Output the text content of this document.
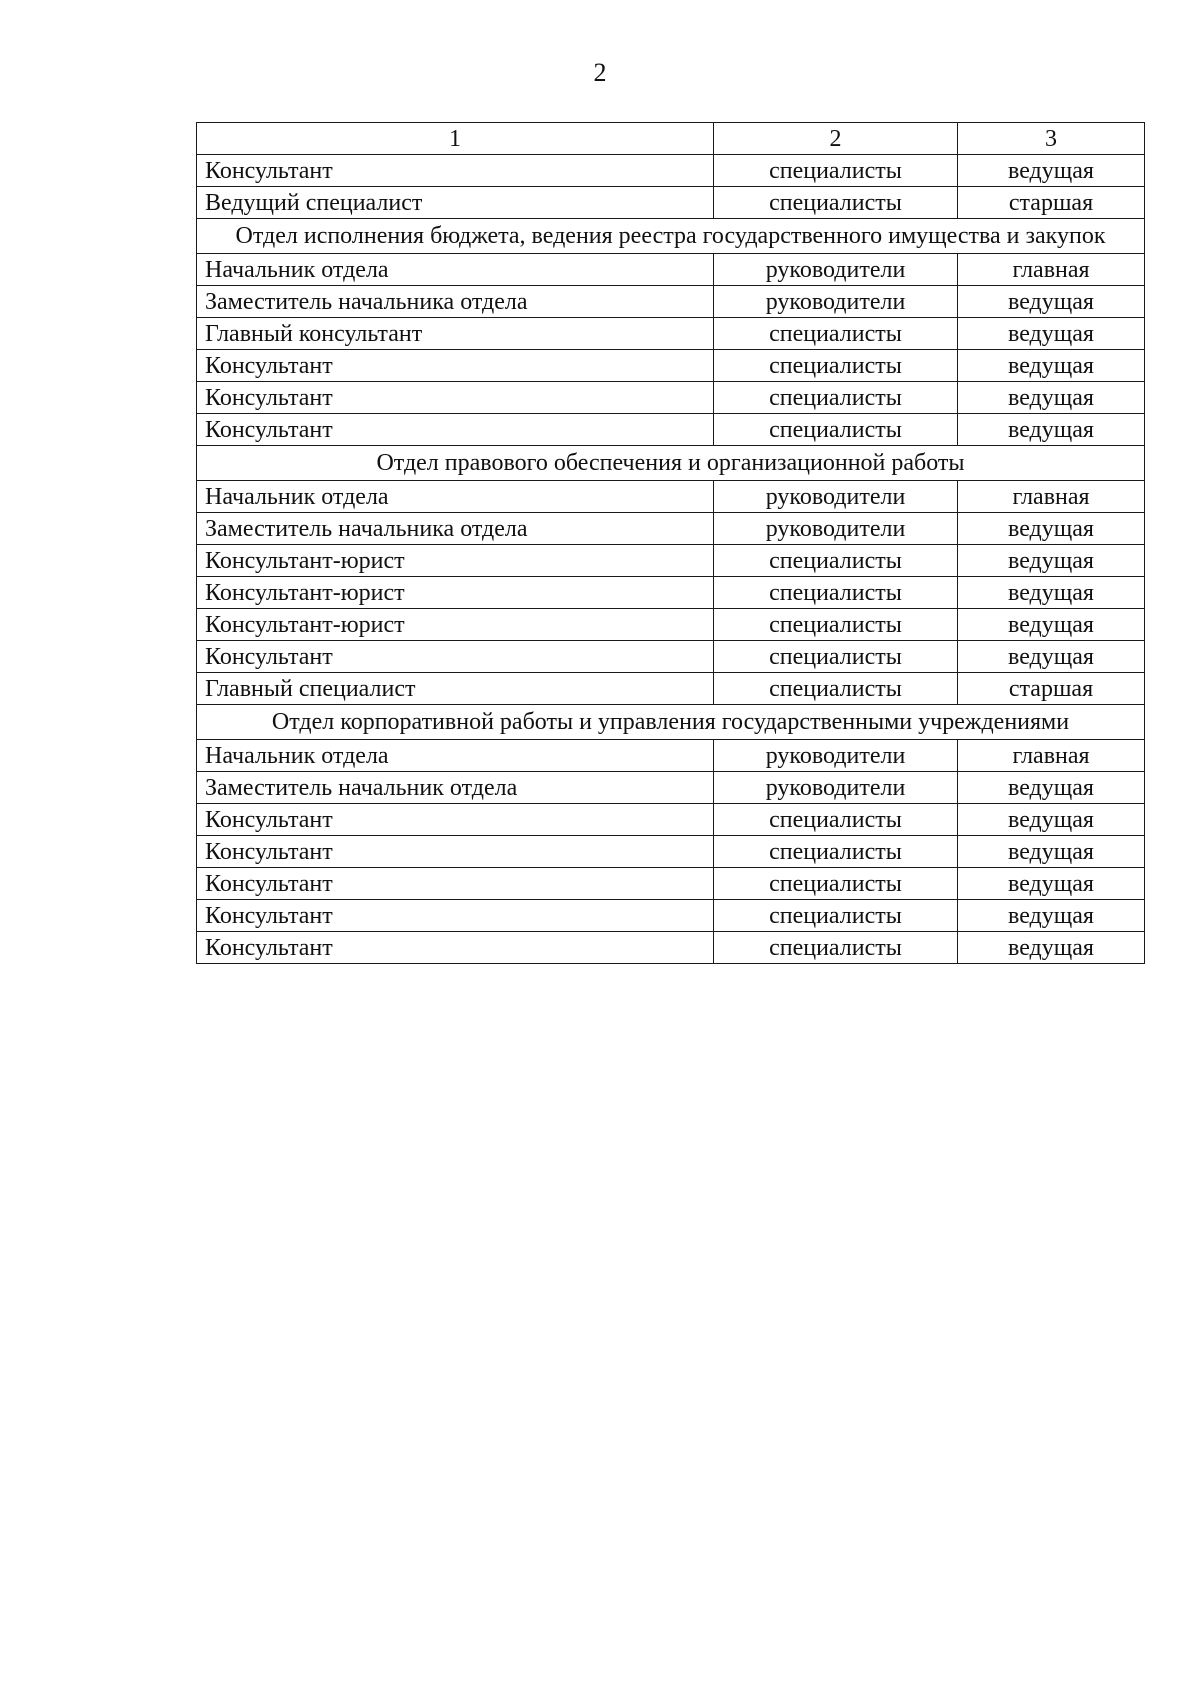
2
1	2	3
Консультант	специалисты	ведущая
Ведущий специалист	специалисты	старшая
Отдел исполнения бюджета, ведения реестра государственного имущества и закупок		
Начальник отдела	руководители	главная
Заместитель начальника отдела	руководители	ведущая
Главный консультант	специалисты	ведущая
Консультант	специалисты	ведущая
Консультант	специалисты	ведущая
Консультант	специалисты	ведущая
Отдел правового обеспечения и организационной работы		
Начальник отдела	руководители	главная
Заместитель начальника отдела	руководители	ведущая
Консультант-юрист	специалисты	ведущая
Консультант-юрист	специалисты	ведущая
Консультант-юрист	специалисты	ведущая
Консультант	специалисты	ведущая
Главный специалист	специалисты	старшая
Отдел корпоративной работы и управления государственными учреждениями		
Начальник отдела	руководители	главная
Заместитель начальник отдела	руководители	ведущая
Консультант	специалисты	ведущая
Консультант	специалисты	ведущая
Консультант	специалисты	ведущая
Консультант	специалисты	ведущая
Консультант	специалисты	ведущая
